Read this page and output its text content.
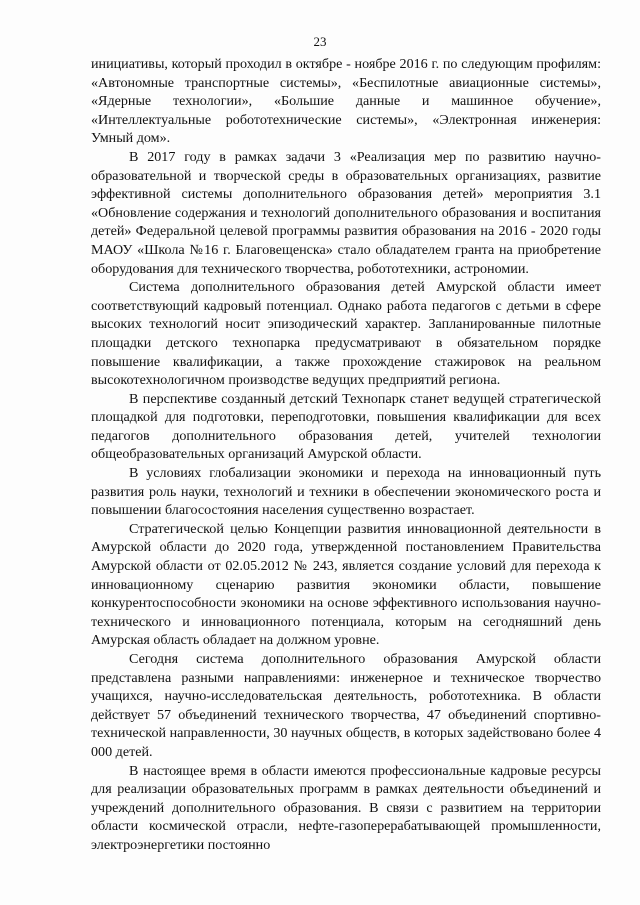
23

инициативы, который проходил в октябре - ноябре 2016 г. по следующим профилям: «Автономные транспортные системы», «Беспилотные авиационные системы», «Ядерные технологии», «Большие данные и машинное обучение», «Интеллектуальные робототехнические системы», «Электронная инженерия: Умный дом».

В 2017 году в рамках задачи 3 «Реализация мер по развитию научно-образовательной и творческой среды в образовательных организациях, развитие эффективной системы дополнительного образования детей» мероприятия 3.1 «Обновление содержания и технологий дополнительного образования и воспитания детей» Федеральной целевой программы развития образования на 2016 - 2020 годы МАОУ «Школа №16 г. Благовещенска» стало обладателем гранта на приобретение оборудования для технического творчества, робототехники, астрономии.

Система дополнительного образования детей Амурской области имеет соответствующий кадровый потенциал. Однако работа педагогов с детьми в сфере высоких технологий носит эпизодический характер. Запланированные пилотные площадки детского технопарка предусматривают в обязательном порядке повышение квалификации, а также прохождение стажировок на реальном высокотехнологичном производстве ведущих предприятий региона.

В перспективе созданный детский Технопарк станет ведущей стратегической площадкой для подготовки, переподготовки, повышения квалификации для всех педагогов дополнительного образования детей, учителей технологии общеобразовательных организаций Амурской области.

В условиях глобализации экономики и перехода на инновационный путь развития роль науки, технологий и техники в обеспечении экономического роста и повышении благосостояния населения существенно возрастает.

Стратегической целью Концепции развития инновационной деятельности в Амурской области до 2020 года, утвержденной постановлением Правительства Амурской области от 02.05.2012 № 243, является создание условий для перехода к инновационному сценарию развития экономики области, повышение конкурентоспособности экономики на основе эффективного использования научно-технического и инновационного потенциала, которым на сегодняшний день Амурская область обладает на должном уровне.

Сегодня система дополнительного образования Амурской области представлена разными направлениями: инженерное и техническое творчество учащихся, научно-исследовательская деятельность, робототехника. В области действует 57 объединений технического творчества, 47 объединений спортивно-технической направленности, 30 научных обществ, в которых задействовано более 4 000 детей.

В настоящее время в области имеются профессиональные кадровые ресурсы для реализации образовательных программ в рамках деятельности объединений и учреждений дополнительного образования. В связи с развитием на территории области космической отрасли, нефте-газоперерабатывающей промышленности, электроэнергетики постоянно
